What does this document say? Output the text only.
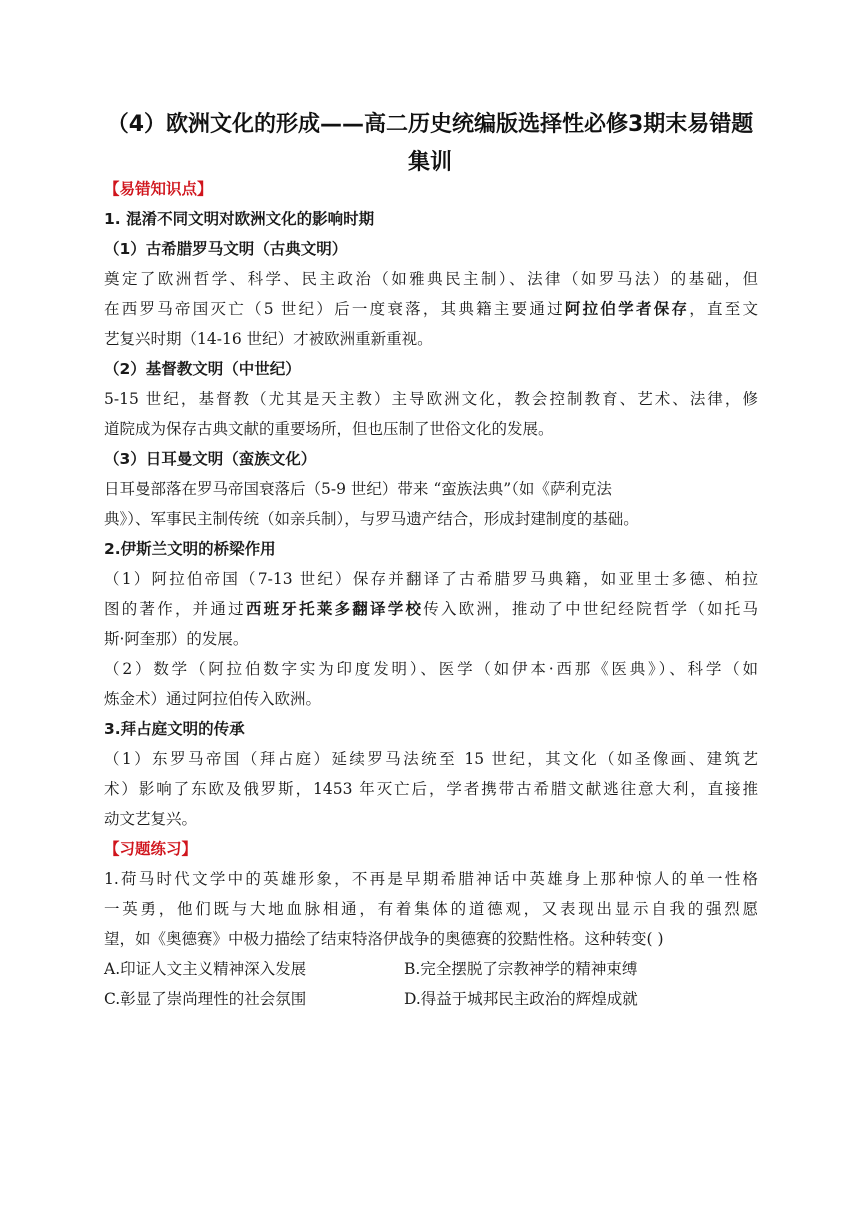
（4）欧洲文化的形成——高二历史统编版选择性必修3期末易错题
集训
【易错知识点】
1. 混淆不同文明对欧洲文化的影响时期
（1）古希腊罗马文明（古典文明）
奠定了欧洲哲学、科学、民主政治（如雅典民主制）、法律（如罗马法）的基础，但
在西罗马帝国灭亡（5 世纪）后一度衰落，其典籍主要通过阿拉伯学者保存，直至文
艺复兴时期（14-16 世纪）才被欧洲重新重视。
（2）基督教文明（中世纪）
5-15 世纪，基督教（尤其是天主教）主导欧洲文化，教会控制教育、艺术、法律，修
道院成为保存古典文献的重要场所，但也压制了世俗文化的发展。
（3）日耳曼文明（蛮族文化）
日耳曼部落在罗马帝国衰落后（5-9 世纪）带来 “蛮族法典”（如《萨利克法
典》）、军事民主制传统（如亲兵制），与罗马遗产结合，形成封建制度的基础。
2.伊斯兰文明的桥梁作用
（1）阿拉伯帝国（7-13 世纪）保存并翻译了古希腊罗马典籍，如亚里士多德、柏拉
图的著作，并通过西班牙托莱多翻译学校传入欧洲，推动了中世纪经院哲学（如托马
斯·阿奎那）的发展。
（2）数学（阿拉伯数字实为印度发明）、医学（如伊本·西那《医典》）、科学（如
炼金术）通过阿拉伯传入欧洲。
3.拜占庭文明的传承
（1）东罗马帝国（拜占庭）延续罗马法统至 15 世纪，其文化（如圣像画、建筑艺
术）影响了东欧及俄罗斯，1453 年灭亡后，学者携带古希腊文献逃往意大利，直接推
动文艺复兴。
【习题练习】
1.荷马时代文学中的英雄形象，不再是早期希腊神话中英雄身上那种惊人的单一性格
一英勇，他们既与大地血脉相通，有着集体的道德观，又表现出显示自我的强烈愿
望，如《奥德赛》中极力描绘了结束特洛伊战争的奥德赛的狡黠性格。这种转变( )
A.印证人文主义精神深入发展	B.完全摆脱了宗教神学的精神束缚
C.彰显了崇尚理性的社会氛围	D.得益于城邦民主政治的辉煌成就
